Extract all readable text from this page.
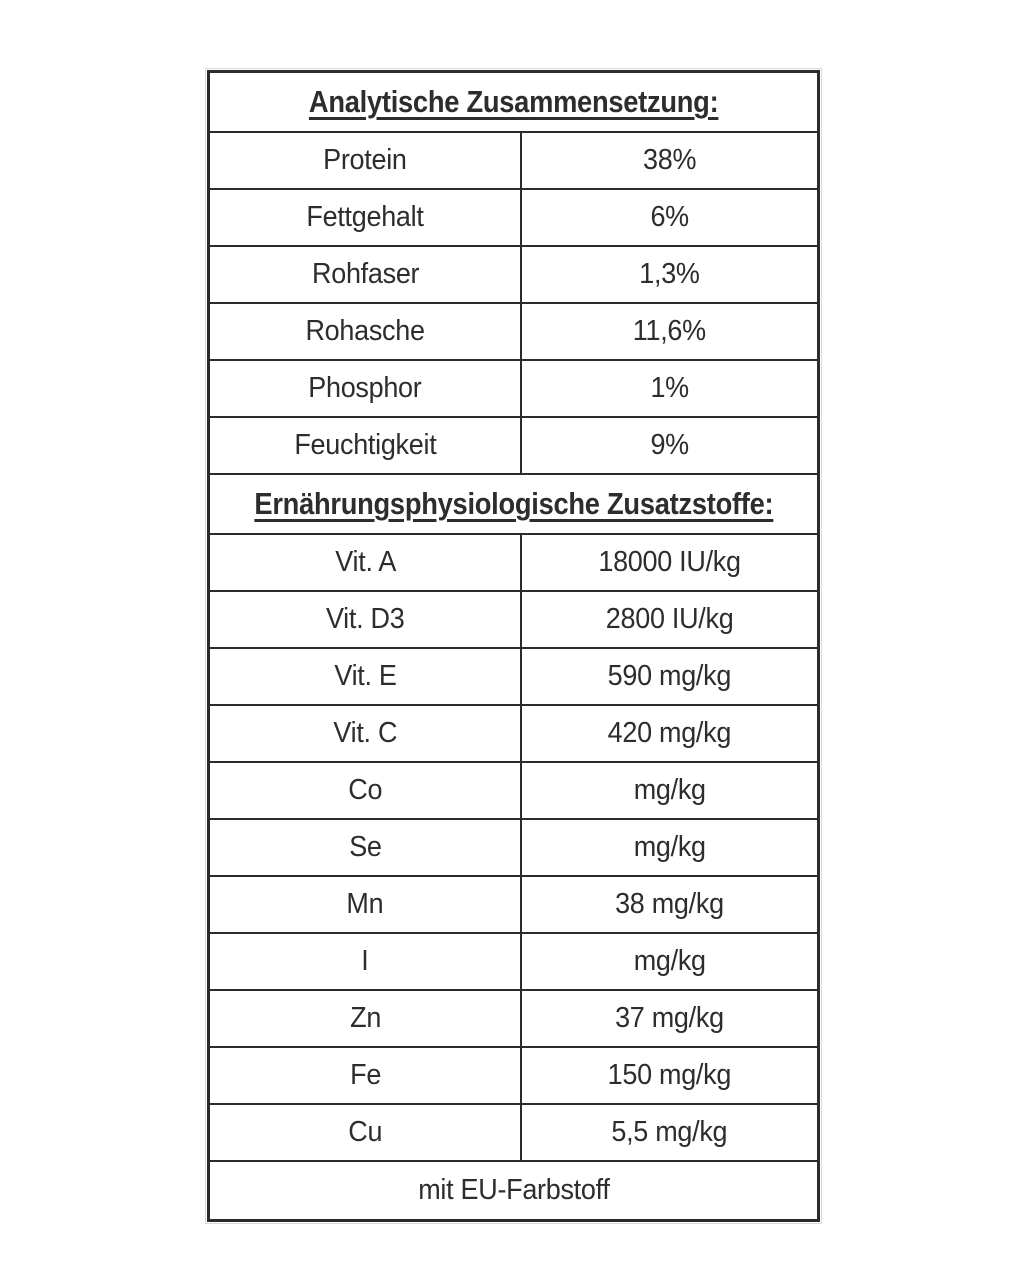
Analytische Zusammensetzung:	
Protein	38%
Fettgehalt	6%
Rohfaser	1,3%
Rohasche	11,6%
Phosphor	1%
Feuchtigkeit	9%
Ernährungsphysiologische Zusatzstoffe:	
Vit. A	18000 IU/kg
Vit. D3	2800 IU/kg
Vit. E	590 mg/kg
Vit. C	420 mg/kg
Co	mg/kg
Se	mg/kg
Mn	38 mg/kg
I	mg/kg
Zn	37 mg/kg
Fe	150 mg/kg
Cu	5,5 mg/kg
mit EU-Farbstoff	
